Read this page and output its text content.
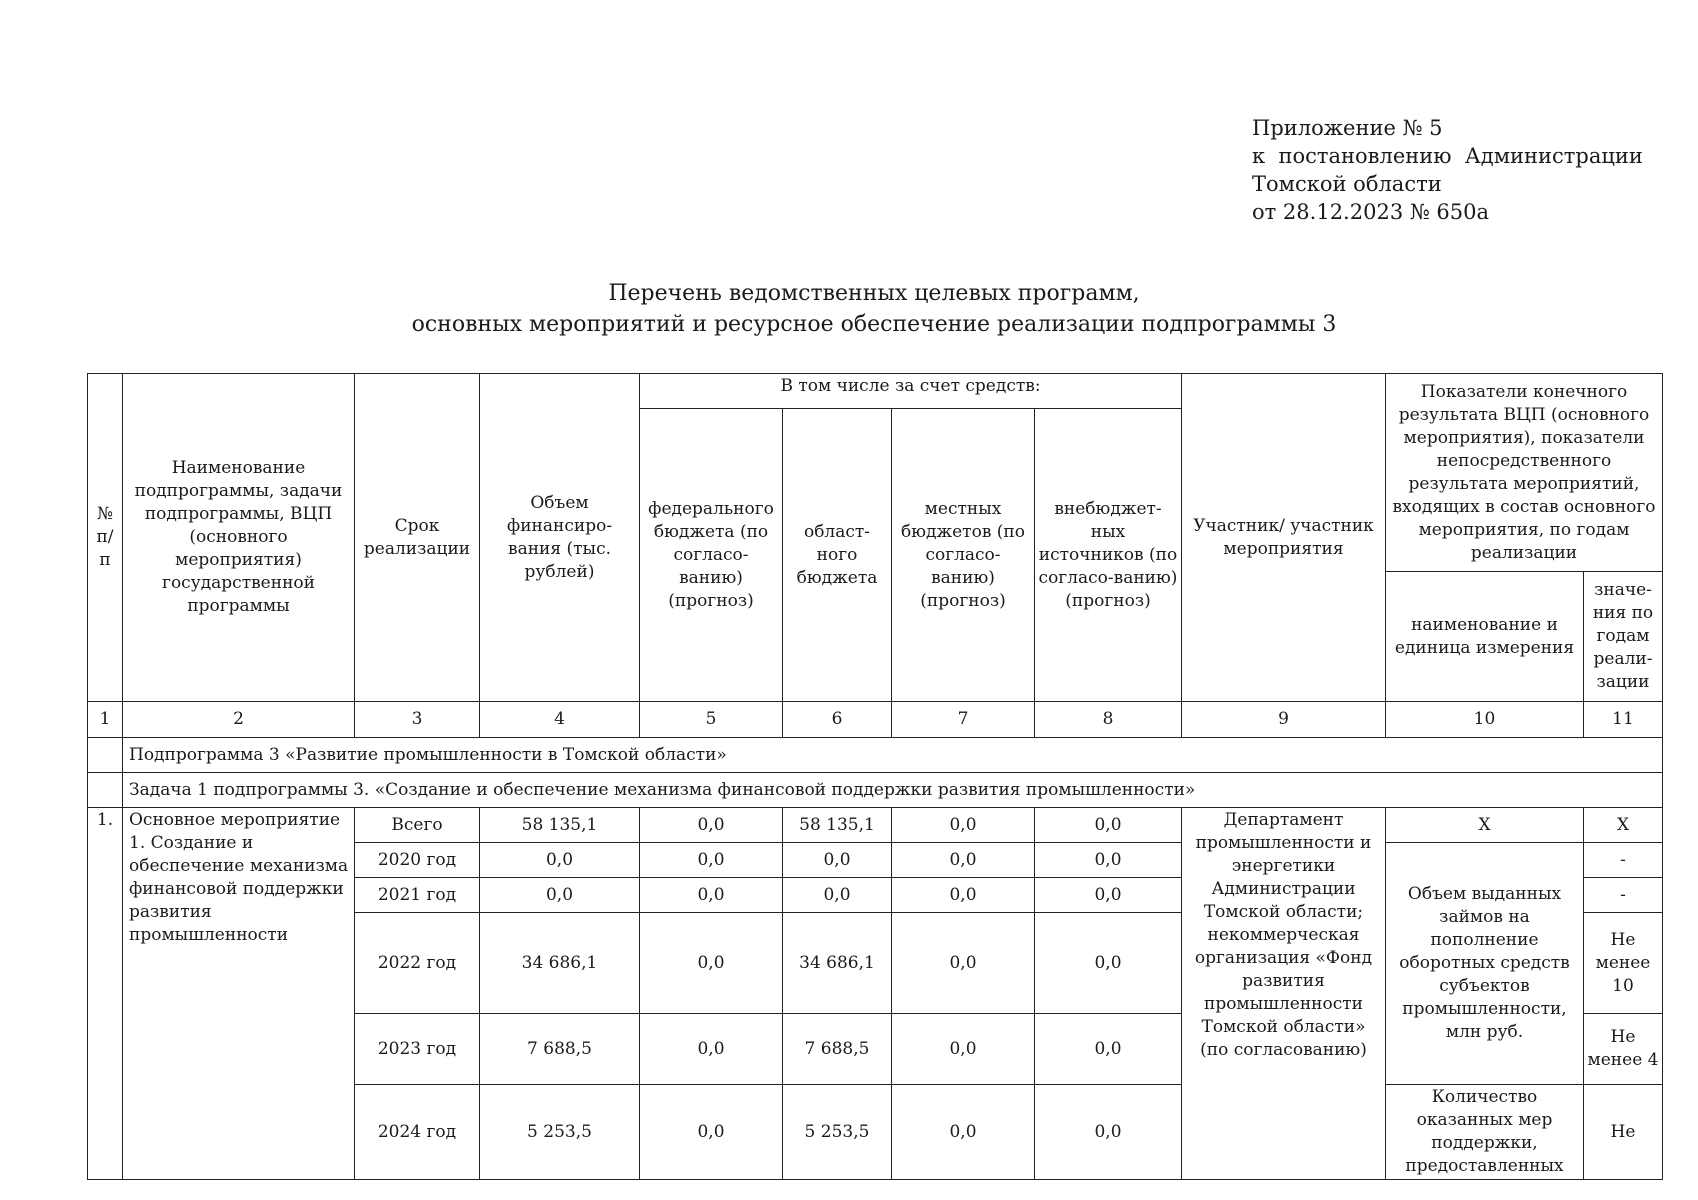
Приложение № 5
к  постановлению  Администрации
Томской области
от 28.12.2023 № 650а
Перечень ведомственных целевых программ,
основных мероприятий и ресурсное обеспечение реализации подпрограммы 3
№ п/п	Наименование подпрограммы, задачи подпрограммы, ВЦП (основного мероприятия) государственной программы	Срок реализации	Объем финансиро-вания (тыс. рублей)	В том числе за счет средств:				Участник/ участник мероприятия	Показатели конечного результата ВЦП (основного мероприятия), показатели непосредственного результата мероприятий, входящих в состав основного мероприятия, по годам реализации	
				федерального бюджета (по согласо-ванию) (прогноз)	област-ного бюджета	местных бюджетов (по согласо-ванию) (прогноз)	внебюджет-ных источников (по согласо-ванию) (прогноз)			
									наименование и единица измерения	значе-ния по годам реали-зации
1	2	3	4	5	6	7	8	9	10	11
	Подпрограмма 3 «Развитие промышленности в Томской области»									
	Задача 1 подпрограммы 3. «Создание и обеспечение механизма финансовой поддержки развития промышленности»									
1.	Основное мероприятие 1. Создание и обеспечение механизма финансовой поддержки развития промышленности	Всего	58 135,1	0,0	58 135,1	0,0	0,0	Департамент промышленности и энергетики Администрации Томской области; некоммерческая организация «Фонд развития промышленности Томской области» (по согласованию)	Х	Х
		2020 год	0,0	0,0	0,0	0,0	0,0		Объем выданных займов на пополнение оборотных средств субъектов промышленности, млн руб.	-
		2021 год	0,0	0,0	0,0	0,0	0,0			-
		2022 год	34 686,1	0,0	34 686,1	0,0	0,0			Не менее 10
		2023 год	7 688,5	0,0	7 688,5	0,0	0,0			Не менее 4
		2024 год	5 253,5	0,0	5 253,5	0,0	0,0		Количество оказанных мер поддержки, предоставленных	Не
